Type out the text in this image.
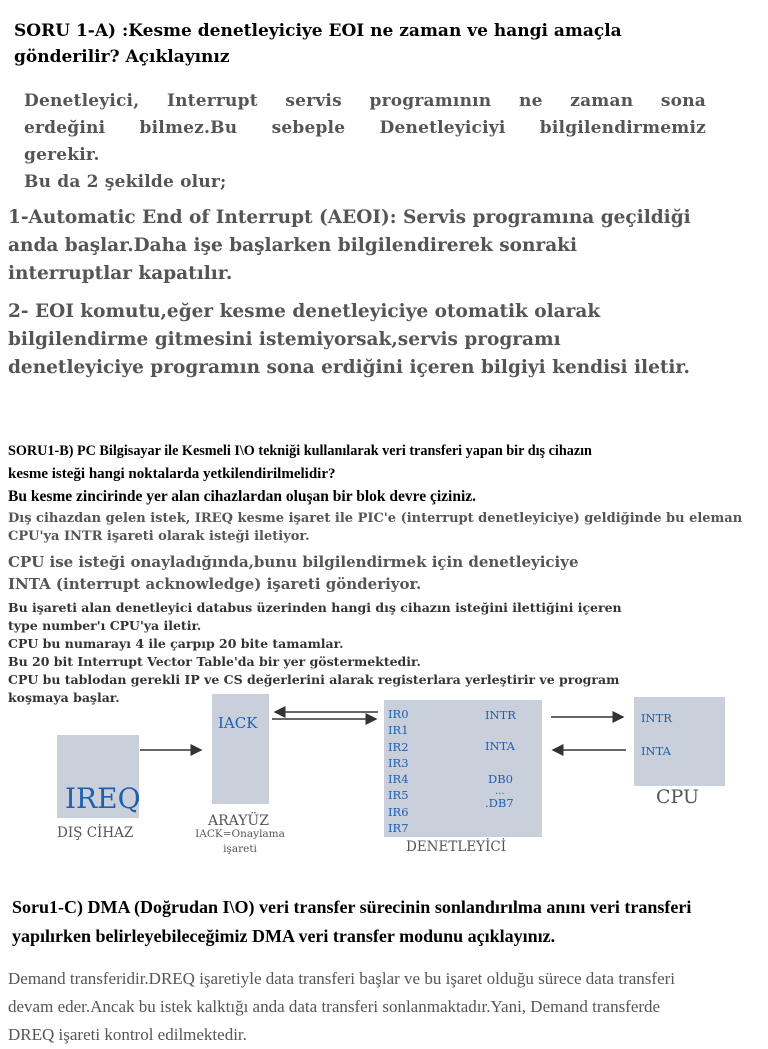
SORU 1-A) :Kesme denetleyiciye EOI ne zaman ve hangi amaçla
gönderilir? Açıklayınız
Denetleyici, Interrupt servis programının ne zaman sona
erdeğini bilmez.Bu sebeple Denetleyiciyi bilgilendirmemiz
gerekir.
Bu da 2 şekilde olur;
1-Automatic End of Interrupt (AEOI): Servis programına geçildiği
anda başlar.Daha işe başlarken bilgilendirerek sonraki
interruptlar kapatılır.
2- EOI komutu,eğer kesme denetleyiciye otomatik olarak
bilgilendirme gitmesini istemiyorsak,servis programı
denetleyiciye programın sona erdiğini içeren bilgiyi kendisi iletir.
SORU1-B) PC Bilgisayar ile Kesmeli I\O tekniği kullanılarak veri transferi yapan bir dış cihazın
kesme isteği hangi noktalarda yetkilendirilmelidir?
Bu kesme zincirinde yer alan cihazlardan oluşan bir blok devre çiziniz.
Dış cihazdan gelen istek, IREQ kesme işaret ile PIC'e (interrupt denetleyiciye) geldiğinde bu eleman
CPU'ya INTR işareti olarak isteği iletiyor.
CPU ise isteği onayladığında,bunu bilgilendirmek için denetleyiciye
INTA (interrupt acknowledge) işareti gönderiyor.
Bu işareti alan denetleyici databus üzerinden hangi dış cihazın isteğini ilettiğini içeren
type number'ı CPU'ya iletir.
CPU bu numarayı 4 ile çarpıp 20 bite tamamlar.
Bu 20 bit Interrupt Vector Table'da bir yer göstermektedir.
CPU bu tablodan gerekli IP ve CS değerlerini alarak registerlara yerleştirir ve program
koşmaya başlar.
IREQ
DIŞ CİHAZ
IACK
ARAYÜZ
IACK=Onaylama
işareti
IR0
IR1
IR2
IR3
IR4
IR5
IR6
IR7
INTR
INTA
DB0
...
.DB7
DENETLEYİCİ
INTR
INTA
CPU
Soru1-C) DMA (Doğrudan I\O) veri transfer sürecinin sonlandırılma anını veri transferi
yapılırken belirleyebileceğimiz DMA veri transfer modunu açıklayınız.
Demand transferidir.DREQ işaretiyle data transferi başlar ve bu işaret olduğu sürece data transferi
devam eder.Ancak bu istek kalktığı anda data transferi sonlanmaktadır.Yani, Demand transferde
DREQ işareti kontrol edilmektedir.
